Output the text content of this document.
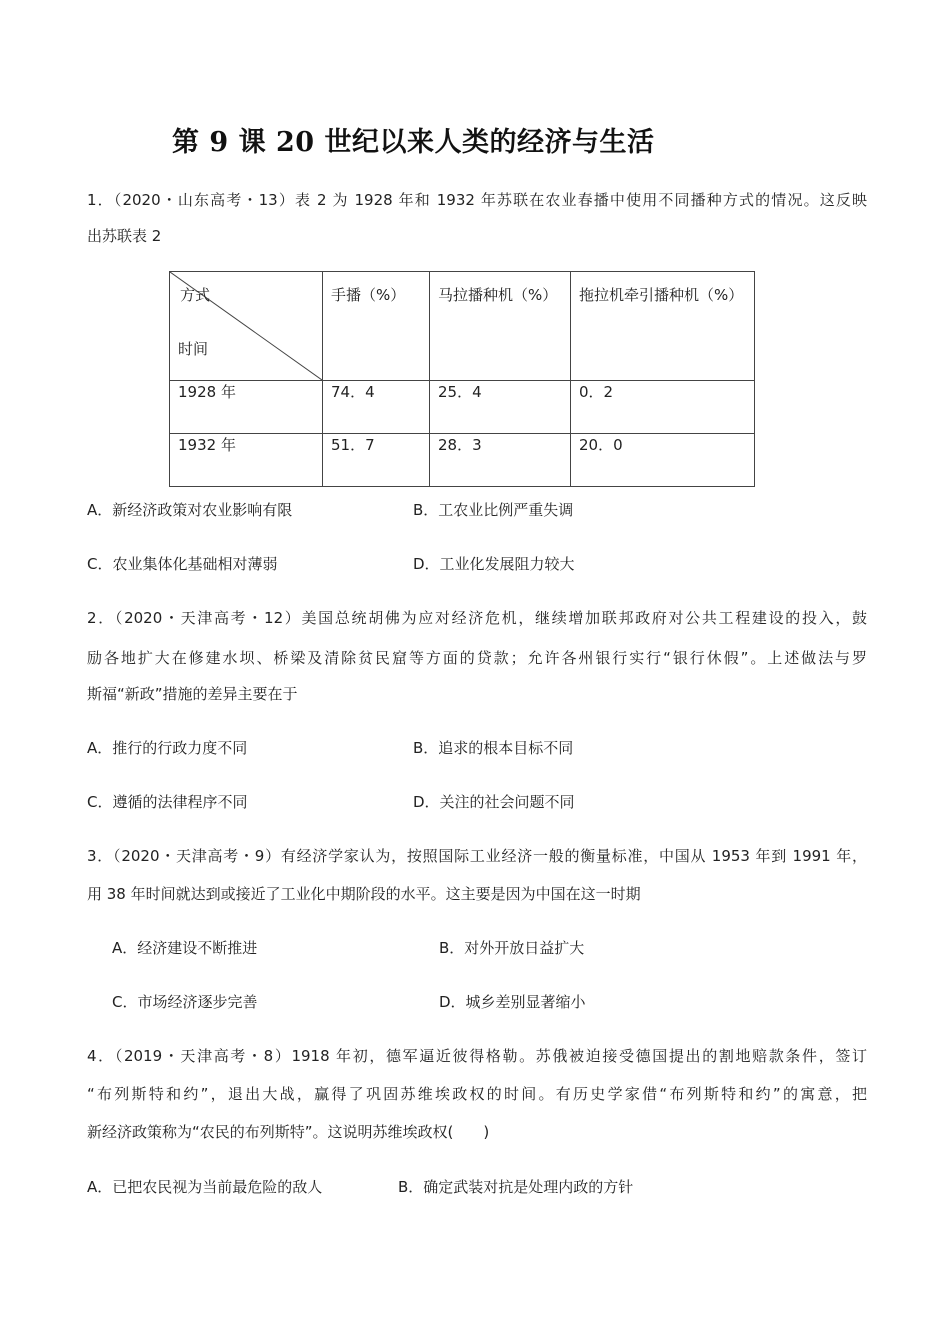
第 9 课 20 世纪以来人类的经济与生活
1．（2020・山东高考・13）表 2 为 1928 年和 1932 年苏联在农业春播中使用不同播种方式的情况。这反映
出苏联表 2
方式
时间	手播（%）	马拉播种机（%）	拖拉机牵引播种机（%）
1928 年	74．4	25．4	0．2
1932 年	51．7	28．3	20．0
A．新经济政策对农业影响有限	B．工农业比例严重失调
C．农业集体化基础相对薄弱	D．工业化发展阻力较大
2．（2020・天津高考・12）美国总统胡佛为应对经济危机，继续增加联邦政府对公共工程建设的投入，鼓
励各地扩大在修建水坝、桥梁及清除贫民窟等方面的贷款；允许各州银行实行“银行休假”。上述做法与罗
斯福“新政”措施的差异主要在于
A．推行的行政力度不同	B．追求的根本目标不同
C．遵循的法律程序不同	D．关注的社会问题不同
3．（2020・天津高考・9）有经济学家认为，按照国际工业经济一般的衡量标准，中国从 1953 年到 1991 年，
用 38 年时间就达到或接近了工业化中期阶段的水平。这主要是因为中国在这一时期
A．经济建设不断推进	B．对外开放日益扩大
C．市场经济逐步完善	D．城乡差别显著缩小
4．（2019・天津高考・8）1918 年初，德军逼近彼得格勒。苏俄被迫接受德国提出的割地赔款条件，签订
“布列斯特和约”，退出大战，赢得了巩固苏维埃政权的时间。有历史学家借“布列斯特和约”的寓意，把
新经济政策称为“农民的布列斯特”。这说明苏维埃政权(　　)
A．已把农民视为当前最危险的敌人	B．确定武装对抗是处理内政的方针
